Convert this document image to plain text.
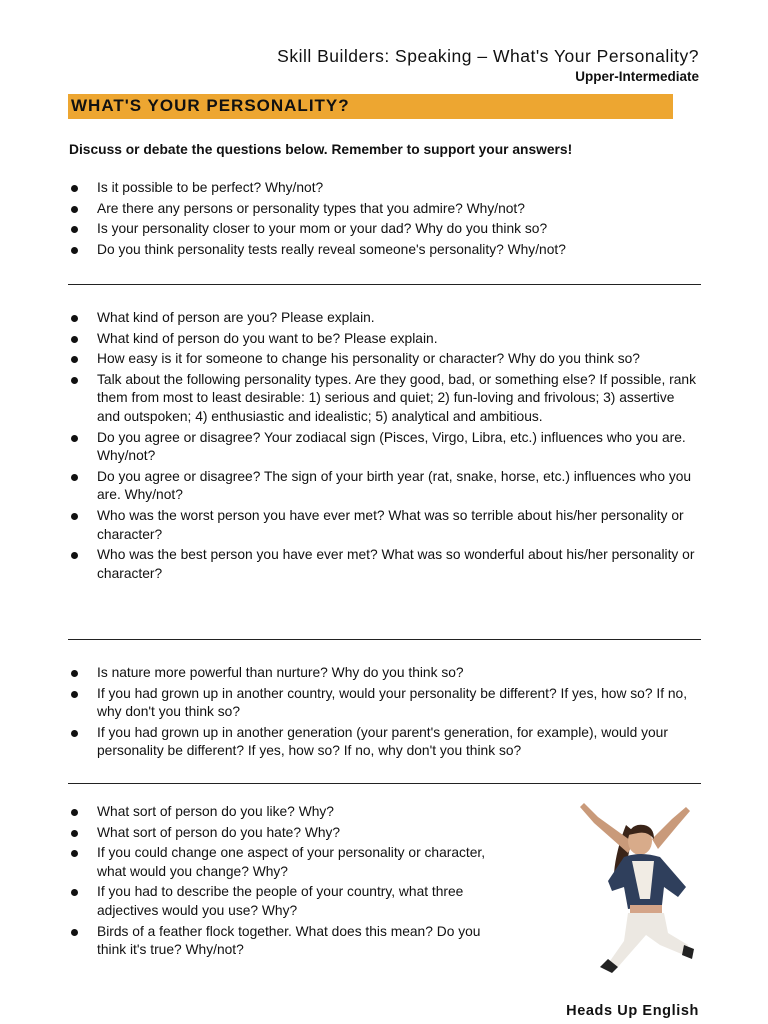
Skill Builders: Speaking – What's Your Personality?
Upper-Intermediate
WHAT'S YOUR PERSONALITY?
Discuss or debate the questions below. Remember to support your answers!
Is it possible to be perfect? Why/not?
Are there any persons or personality types that you admire? Why/not?
Is your personality closer to your mom or your dad? Why do you think so?
Do you think personality tests really reveal someone's personality? Why/not?
What kind of person are you? Please explain.
What kind of person do you want to be? Please explain.
How easy is it for someone to change his personality or character? Why do you think so?
Talk about the following personality types. Are they good, bad, or something else? If possible, rank them from most to least desirable: 1) serious and quiet; 2) fun-loving and frivolous; 3) assertive and outspoken; 4) enthusiastic and idealistic; 5) analytical and ambitious.
Do you agree or disagree? Your zodiacal sign (Pisces, Virgo, Libra, etc.) influences who you are. Why/not?
Do you agree or disagree? The sign of your birth year (rat, snake, horse, etc.) influences who you are. Why/not?
Who was the worst person you have ever met? What was so terrible about his/her personality or character?
Who was the best person you have ever met? What was so wonderful about his/her personality or character?
Is nature more powerful than nurture? Why do you think so?
If you had grown up in another country, would your personality be different? If yes, how so? If no, why don't you think so?
If you had grown up in another generation (your parent's generation, for example), would your personality be different? If yes, how so? If no, why don't you think so?
What sort of person do you like? Why?
What sort of person do you hate? Why?
If you could change one aspect of your personality or character, what would you change? Why?
If you had to describe the people of your country, what three adjectives would you use? Why?
Birds of a feather flock together. What does this mean? Do you think it's true? Why/not?
Heads Up English
